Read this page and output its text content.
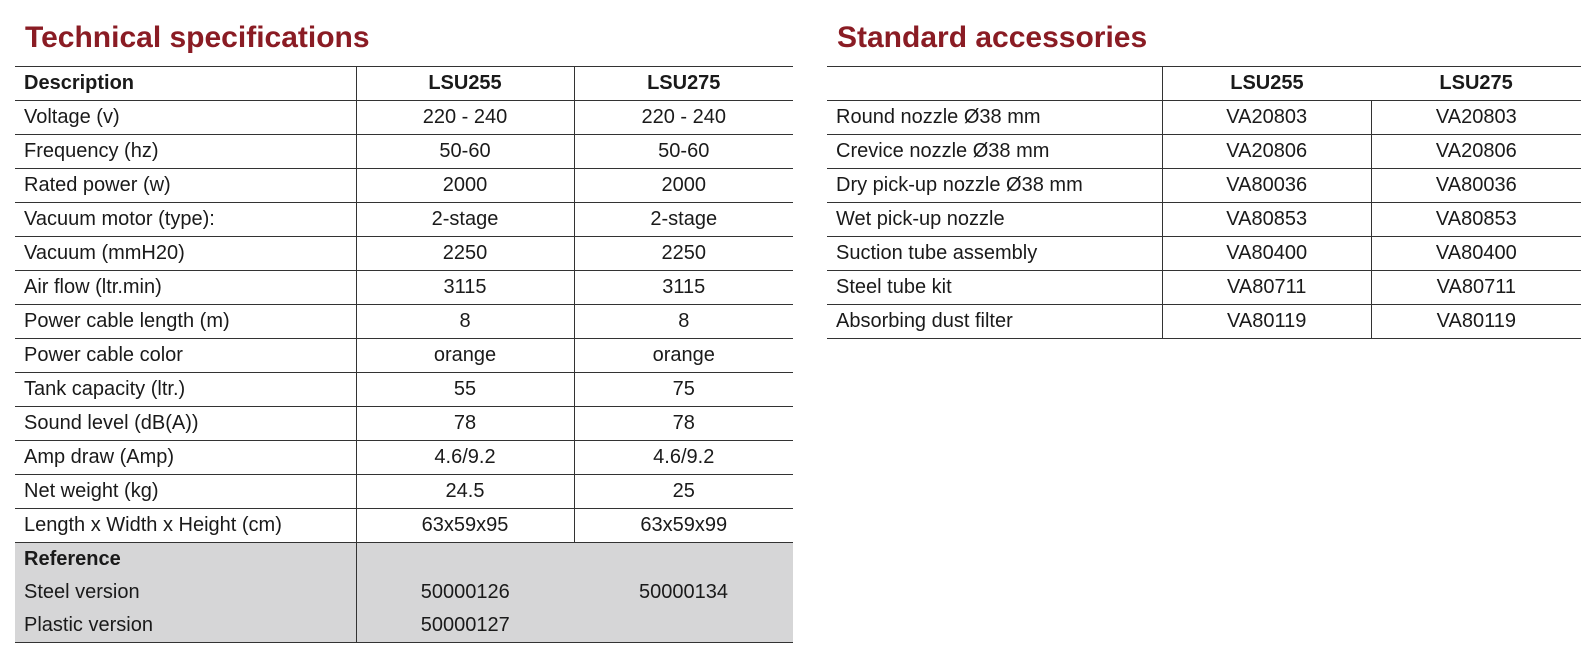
Technical specifications
Description	LSU255	LSU275
Voltage (v)	220 - 240	220 - 240
Frequency (hz)	50-60	50-60
Rated power (w)	2000	2000
Vacuum motor (type):	2-stage	2-stage
Vacuum (mmH20)	2250	2250
Air flow (ltr.min)	3115	3115
Power cable length (m)	8	8
Power cable color	orange	orange
Tank capacity (ltr.)	55	75
Sound level (dB(A))	78	78
Amp draw (Amp)	4.6/9.2	4.6/9.2
Net weight (kg)	24.5	25
Length x Width x Height (cm)	63x59x95	63x59x99
Reference		
Steel version	50000126	50000134
Plastic version	50000127	
Standard accessories
	LSU255	LSU275
Round nozzle Ø38 mm	VA20803	VA20803
Crevice nozzle Ø38 mm	VA20806	VA20806
Dry pick-up nozzle Ø38 mm	VA80036	VA80036
Wet pick-up nozzle	VA80853	VA80853
Suction tube assembly	VA80400	VA80400
Steel tube kit	VA80711	VA80711
Absorbing dust filter	VA80119	VA80119
